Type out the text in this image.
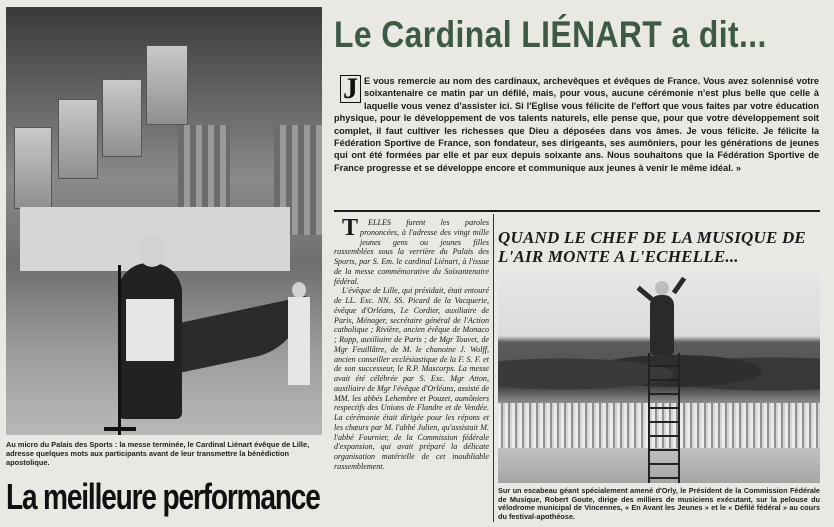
Au micro du Palais des Sports : la messe terminée, le Cardinal Liénart évêque de Lille, adresse quelques mots aux participants avant de leur transmettre la bénédiction apostolique.
La meilleure performance
Le Cardinal LIÉNART a dit...
J E vous remercie au nom des cardinaux, archevêques et évêques de France. Vous avez solennisé votre soixantenaire ce matin par un défilé, mais, pour vous, aucune cérémonie n'est plus belle que celle à laquelle vous venez d'assister ici. Si l'Eglise vous félicite de l'effort que vous faites par votre éducation physique, pour le développement de vos talents naturels, elle pense que, pour que votre développement soit complet, il faut cultiver les richesses que Dieu a déposées dans vos âmes. Je vous félicite. Je félicite la Fédération Sportive de France, son fondateur, ses dirigeants, ses aumôniers, pour les générations de jeunes qui ont été formées par elle et par eux depuis soixante ans. Nous souhaitons que la Fédération Sportive de France progresse et se développe encore et communique aux jeunes à venir le même idéal. »

T ELLES furent les paroles prononcées, à l'adresse des vingt mille jeunes gens ou jeunes filles rassemblées sous la verrière du Palais des Sports, par S. Em. le cardinal Liénart, à l'issue de la messe commémorative du Soixantenaire fédéral.

L'évêque de Lille, qui présidait, était entouré de LL. Exc. NN. SS. Picard de la Vacquerie, évêque d'Orléans, Le Cordier, auxiliaire de Paris, Ménager, secrétaire général de l'Action catholique ; Rivière, ancien évêque de Monaco ; Rupp, auxiliaire de Paris ; de Mgr Touvet, de Mgr Feuillâtre, de M. le chanoine J. Wolff, ancien conseiller ecclésiastique de la F. S. F. et de son successeur, le R.P. Mascorps. La messe avait été célébrée par S. Exc. Mgr Atton, auxiliaire de Mgr l'évêque d'Orléans, assisté de MM. les abbés Lehembre et Pouzet, aumôniers respectifs des Unions de Flandre et de Vendée. La cérémonie était dirigée pour les répons et les chœurs par M. l'abbé Julien, qu'assistait M. l'abbé Fournier, de la Commission fédérale d'expansion, qui avait préparé la délicate organisation matérielle de cet inoubliable rassemblement.

QUAND LE CHEF DE LA MUSIQUE DE L'AIR MONTE A L'ECHELLE...
Sur un escabeau géant spécialement amené d'Orly, le Président de la Commission Fédérale de Musique, Robert Goute, dirige des milliers de musiciens exécutant, sur la pelouse du vélodrome municipal de Vincennes, « En Avant les Jeunes » et le « Défilé fédéral » au cours du festival-apothéose.
